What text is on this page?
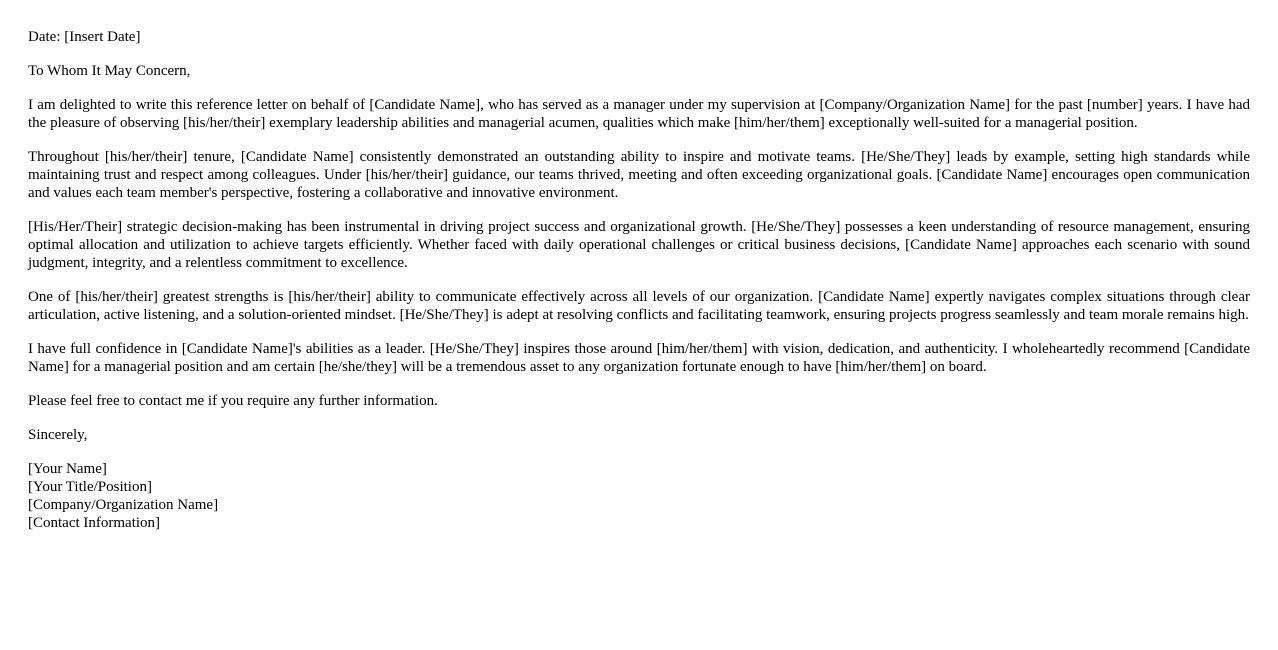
Date: [Insert Date]

To Whom It May Concern,

I am delighted to write this reference letter on behalf of [Candidate Name], who has served as a manager under my supervision at [Company/Organization Name] for the past [number] years. I have had the pleasure of observing [his/her/their] exemplary leadership abilities and managerial acumen, qualities which make [him/her/them] exceptionally well-suited for a managerial position.

Throughout [his/her/their] tenure, [Candidate Name] consistently demonstrated an outstanding ability to inspire and motivate teams. [He/She/They] leads by example, setting high standards while maintaining trust and respect among colleagues. Under [his/her/their] guidance, our teams thrived, meeting and often exceeding organizational goals. [Candidate Name] encourages open communication and values each team member's perspective, fostering a collaborative and innovative environment.

[His/Her/Their] strategic decision-making has been instrumental in driving project success and organizational growth. [He/She/They] possesses a keen understanding of resource management, ensuring optimal allocation and utilization to achieve targets efficiently. Whether faced with daily operational challenges or critical business decisions, [Candidate Name] approaches each scenario with sound judgment, integrity, and a relentless commitment to excellence.

One of [his/her/their] greatest strengths is [his/her/their] ability to communicate effectively across all levels of our organization. [Candidate Name] expertly navigates complex situations through clear articulation, active listening, and a solution-oriented mindset. [He/She/They] is adept at resolving conflicts and facilitating teamwork, ensuring projects progress seamlessly and team morale remains high.

I have full confidence in [Candidate Name]'s abilities as a leader. [He/She/They] inspires those around [him/her/them] with vision, dedication, and authenticity. I wholeheartedly recommend [Candidate Name] for a managerial position and am certain [he/she/they] will be a tremendous asset to any organization fortunate enough to have [him/her/them] on board.

Please feel free to contact me if you require any further information.

Sincerely,

[Your Name]
[Your Title/Position]
[Company/Organization Name]
[Contact Information]
